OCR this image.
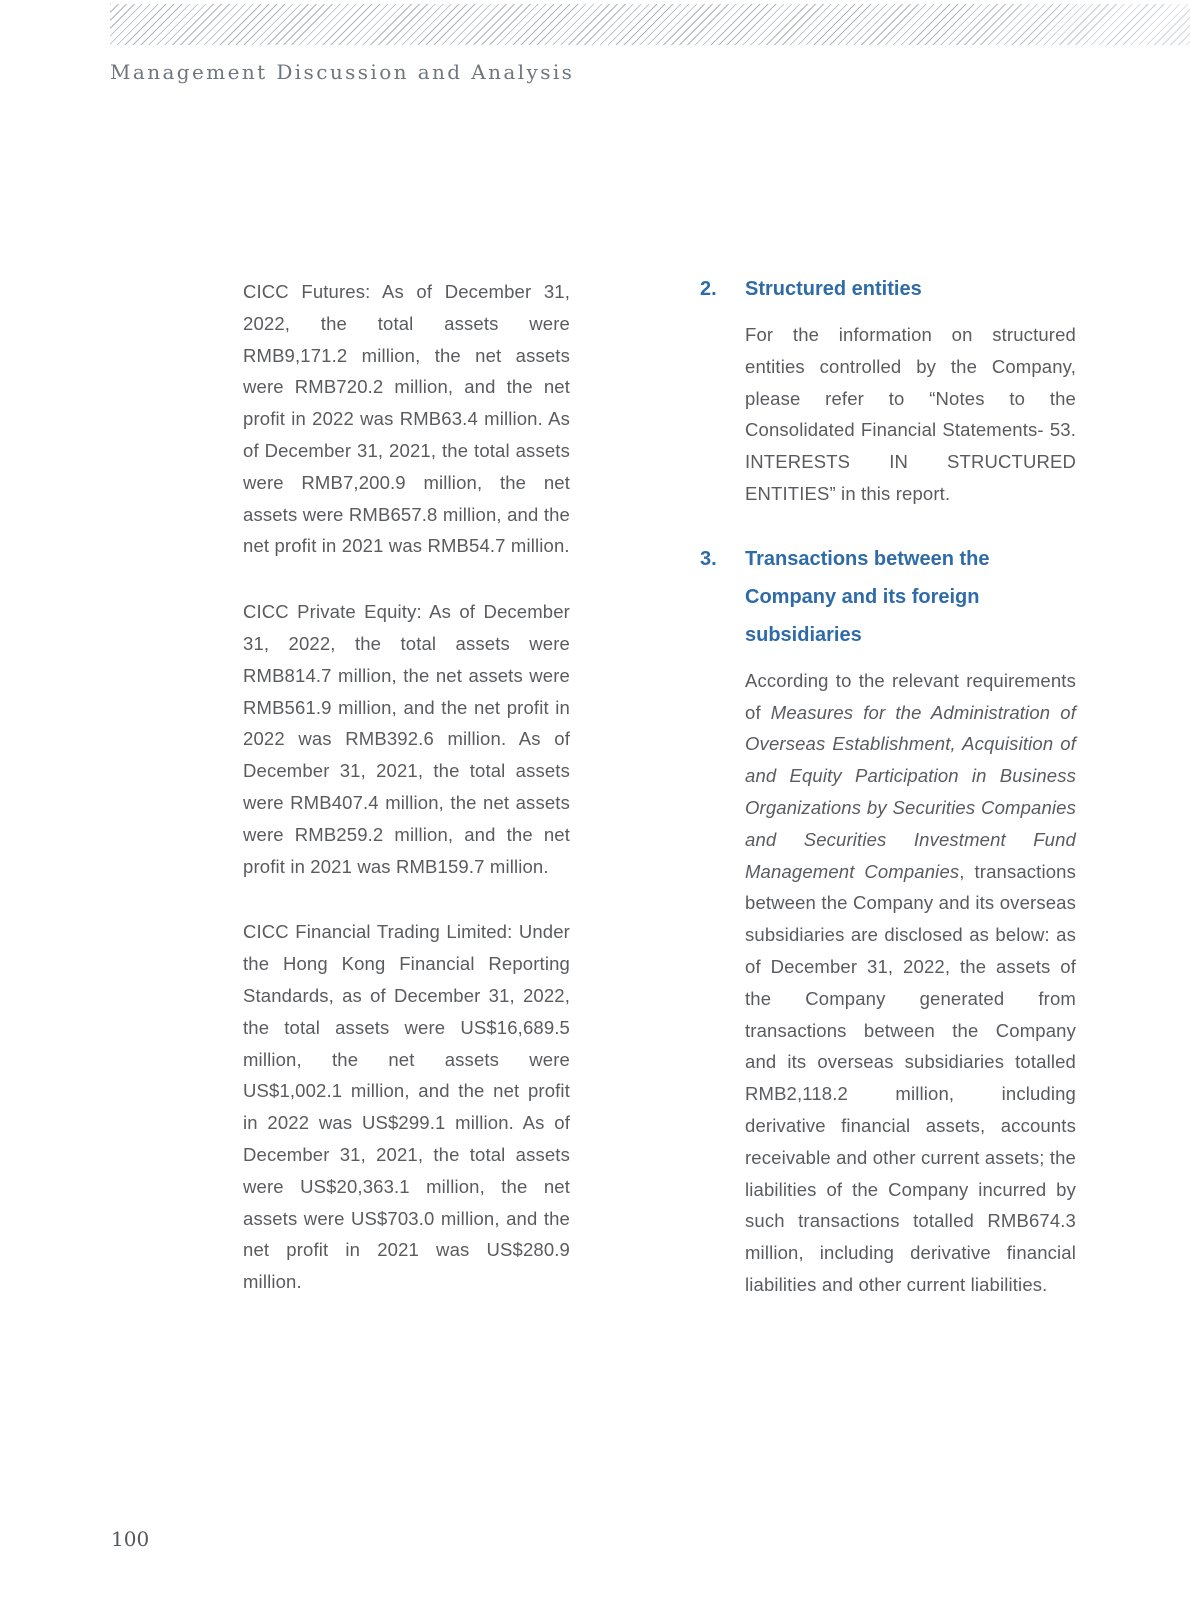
Management Discussion and Analysis

CICC Futures: As of December 31, 2022, the total assets were RMB9,171.2 million, the net assets were RMB720.2 million, and the net profit in 2022 was RMB63.4 million. As of December 31, 2021, the total assets were RMB7,200.9 million, the net assets were RMB657.8 million, and the net profit in 2021 was RMB54.7 million.

CICC Private Equity: As of December 31, 2022, the total assets were RMB814.7 million, the net assets were RMB561.9 million, and the net profit in 2022 was RMB392.6 million. As of December 31, 2021, the total assets were RMB407.4 million, the net assets were RMB259.2 million, and the net profit in 2021 was RMB159.7 million.

CICC Financial Trading Limited: Under the Hong Kong Financial Reporting Standards, as of December 31, 2022, the total assets were US$16,689.5 million, the net assets were US$1,002.1 million, and the net profit in 2022 was US$299.1 million. As of December 31, 2021, the total assets were US$20,363.1 million, the net assets were US$703.0 million, and the net profit in 2021 was US$280.9 million.

2.	Structured entities

For the information on structured entities controlled by the Company, please refer to “Notes to the Consolidated Financial Statements- 53. INTERESTS IN STRUCTURED ENTITIES” in this report.

3.	Transactions between the Company and its foreign subsidiaries

According to the relevant requirements of Measures for the Administration of Overseas Establishment, Acquisition of and Equity Participation in Business Organizations by Securities Companies and Securities Investment Fund Management Companies, transactions between the Company and its overseas subsidiaries are disclosed as below: as of December 31, 2022, the assets of the Company generated from transactions between the Company and its overseas subsidiaries totalled RMB2,118.2 million, including derivative financial assets, accounts receivable and other current assets; the liabilities of the Company incurred by such transactions totalled RMB674.3 million, including derivative financial liabilities and other current liabilities.

100
